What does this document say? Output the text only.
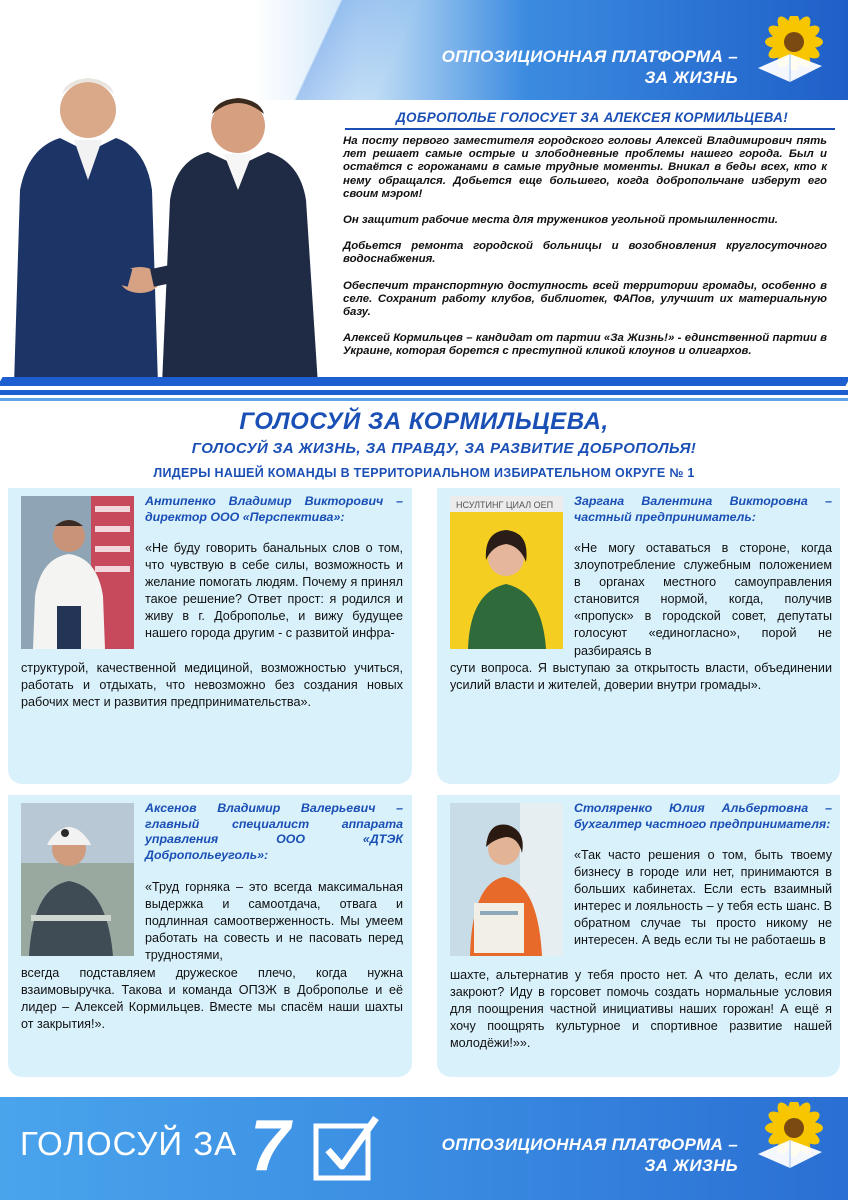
ОППОЗИЦИОННАЯ ПЛАТФОРМА –
ЗА ЖИЗНЬ
ДОБРОПОЛЬЕ ГОЛОСУЕТ ЗА АЛЕКСЕЯ КОРМИЛЬЦЕВА!

На посту первого заместителя городского головы Алексей Владимирович пять лет решает самые острые и злободневные проблемы нашего города. Был и остаётся с горожанами в самые трудные моменты. Вникал в беды всех, кто к нему обращался. Добьется еще большего, когда добропольчане изберут его своим мэром!

Он защитит рабочие места для тружеников угольной промышленности.

Добьется ремонта городской больницы и возобновления круглосуточного водоснабжения.

Обеспечит транспортную доступность всей территории громады, особенно в селе. Сохранит работу клубов, библиотек, ФАПов, улучшит их материальную базу.

Алексей Кормильцев – кандидат от партии «За Жизнь!» - единственной партии в Украине, которая борется с преступной кликой клоунов и олигархов.

ГОЛОСУЙ ЗА КОРМИЛЬЦЕВА,
ГОЛОСУЙ ЗА ЖИЗНЬ, ЗА ПРАВДУ, ЗА РАЗВИТИЕ ДОБРОПОЛЬЯ!
ЛИДЕРЫ НАШЕЙ КОМАНДЫ В ТЕРРИТОРИАЛЬНОМ ИЗБИРАТЕЛЬНОМ ОКРУГЕ № 1
Антипенко Владимир Викторович – директор ООО «Перспектива»:
«Не буду говорить банальных слов о том, что чувствую в себе силы, возможность и желание помогать людям. Почему я принял такое решение? Ответ прост: я родился и живу в г. Доброполье, и вижу будущее нашего города другим - с развитой инфра-
структурой, качественной медициной, возможностью учиться, работать и отдыхать, что невозможно без создания новых рабочих мест и развития предпринимательства».
НСУЛТИНГ ЦИАЛ ОЕП Заргана Валентина Викторовна – частный предприниматель:
«Не могу оставаться в стороне, когда злоупотребление служебным положением в органах местного самоуправления становится нормой, когда, получив «пропуск» в городской совет, депутаты голосуют «единогласно», порой не разбираясь в
сути вопроса. Я выступаю за открытость власти, объединении усилий власти и жителей, доверии внутри громады».
Аксенов Владимир Валерьевич – главный специалист аппарата управления ООО «ДТЭК Добропольеуголь»:
«Труд горняка – это всегда максимальная выдержка и самоотдача, отвага и подлинная самоотверженность. Мы умеем работать на совесть и не пасовать перед трудностями,
всегда подставляем дружеское плечо, когда нужна взаимовыручка. Такова и команда ОПЗЖ в Доброполье и её лидер – Алексей Кормильцев. Вместе мы спасём наши шахты от закрытия!».
Столяренко Юлия Альбертовна – бухгалтер частного предпринимателя:
«Так часто решения о том, быть твоему бизнесу в городе или нет, принимаются в больших кабинетах. Если есть взаимный интерес и лояльность – у тебя есть шанс. В обратном случае ты просто никому не интересен. А ведь если ты не работаешь в
шахте, альтернатив у тебя просто нет. А что делать, если их закроют? Иду в горсовет помочь создать нормальные условия для поощрения частной инициативы наших горожан! А ещё я хочу поощрять культурное и спортивное развитие нашей молодёжи!»».
ГОЛОСУЙ ЗА 7	ОППОЗИЦИОННАЯ ПЛАТФОРМА –
ЗА ЖИЗНЬ
